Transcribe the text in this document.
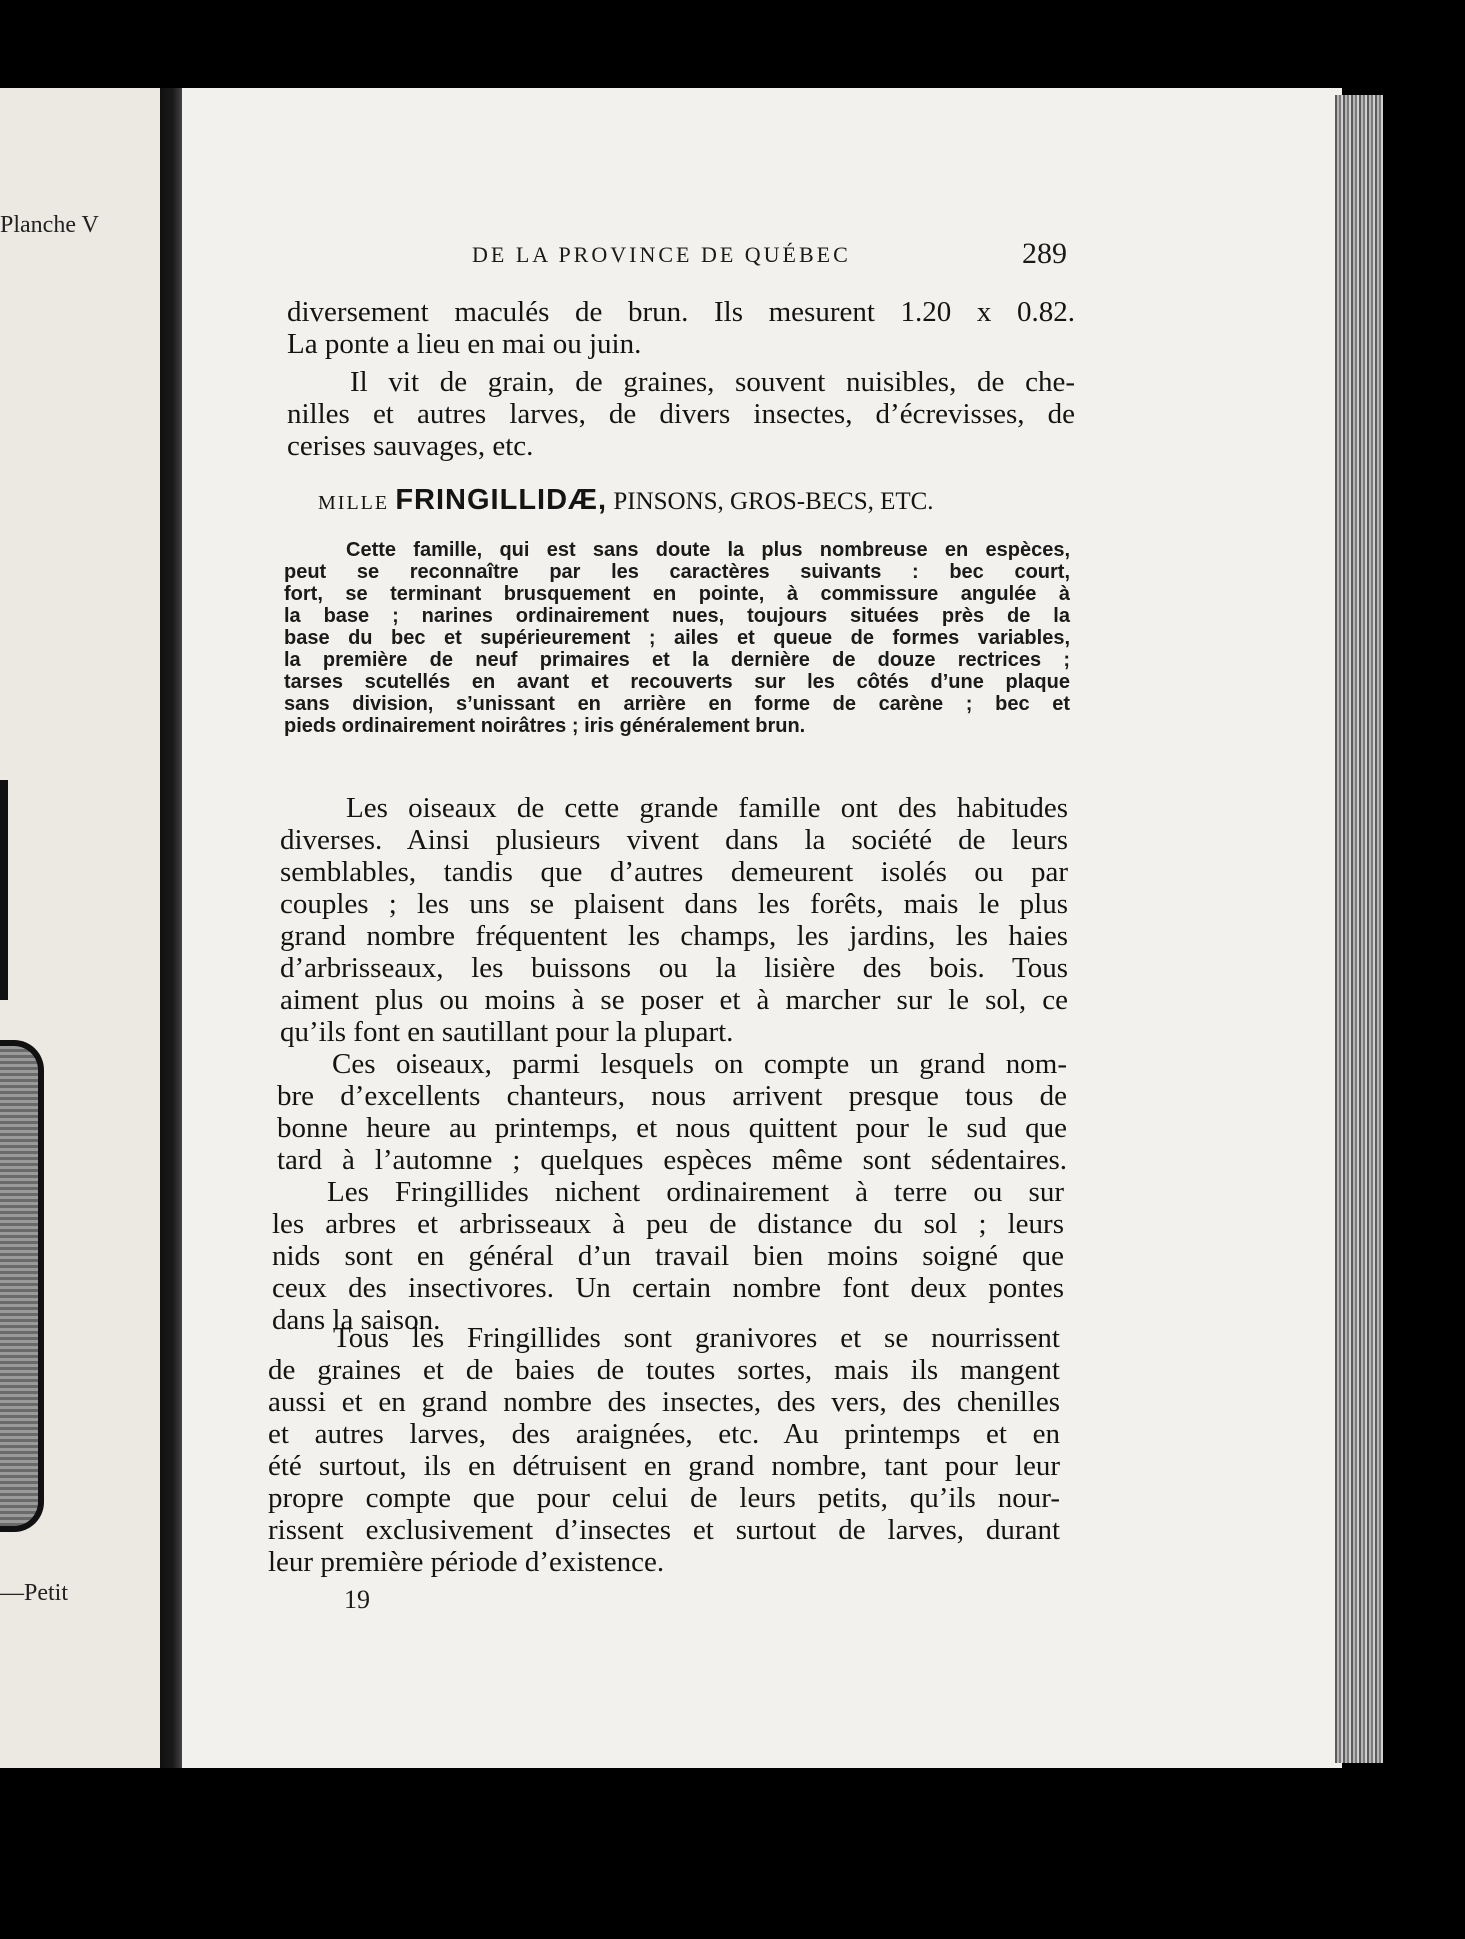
Planche V
—Petit
DE LA PROVINCE DE QUÉBEC	289
diversement maculés de brun. Ils mesurent 1.20 x 0.82.
La ponte a lieu en mai ou juin.
Il vit de grain, de graines, souvent nuisibles, de che-
nilles et autres larves, de divers insectes, d’écrevisses, de
cerises sauvages, etc.
MILLE FRINGILLIDÆ, PINSONS, GROS-BECS, ETC.
Cette famille, qui est sans doute la plus nombreuse en espèces,
peut se reconnaître par les caractères suivants : bec court,
fort, se terminant brusquement en pointe, à commissure angulée à
la base ; narines ordinairement nues, toujours situées près de la
base du bec et supérieurement ; ailes et queue de formes variables,
la première de neuf primaires et la dernière de douze rectrices ;
tarses scutellés en avant et recouverts sur les côtés d’une plaque
sans division, s’unissant en arrière en forme de carène ; bec et
pieds ordinairement noirâtres ; iris généralement brun.
Les oiseaux de cette grande famille ont des habitudes
diverses. Ainsi plusieurs vivent dans la société de leurs
semblables, tandis que d’autres demeurent isolés ou par
couples ; les uns se plaisent dans les forêts, mais le plus
grand nombre fréquentent les champs, les jardins, les haies
d’arbrisseaux, les buissons ou la lisière des bois. Tous
aiment plus ou moins à se poser et à marcher sur le sol, ce
qu’ils font en sautillant pour la plupart.
Ces oiseaux, parmi lesquels on compte un grand nom-
bre d’excellents chanteurs, nous arrivent presque tous de
bonne heure au printemps, et nous quittent pour le sud que
tard à l’automne ; quelques espèces même sont sédentaires.
Les Fringillides nichent ordinairement à terre ou sur
les arbres et arbrisseaux à peu de distance du sol ; leurs
nids sont en général d’un travail bien moins soigné que
ceux des insectivores. Un certain nombre font deux pontes
dans la saison.
Tous les Fringillides sont granivores et se nourrissent
de graines et de baies de toutes sortes, mais ils mangent
aussi et en grand nombre des insectes, des vers, des chenilles
et autres larves, des araignées, etc. Au printemps et en
été surtout, ils en détruisent en grand nombre, tant pour leur
propre compte que pour celui de leurs petits, qu’ils nour-
rissent exclusivement d’insectes et surtout de larves, durant
leur première période d’existence.
19
